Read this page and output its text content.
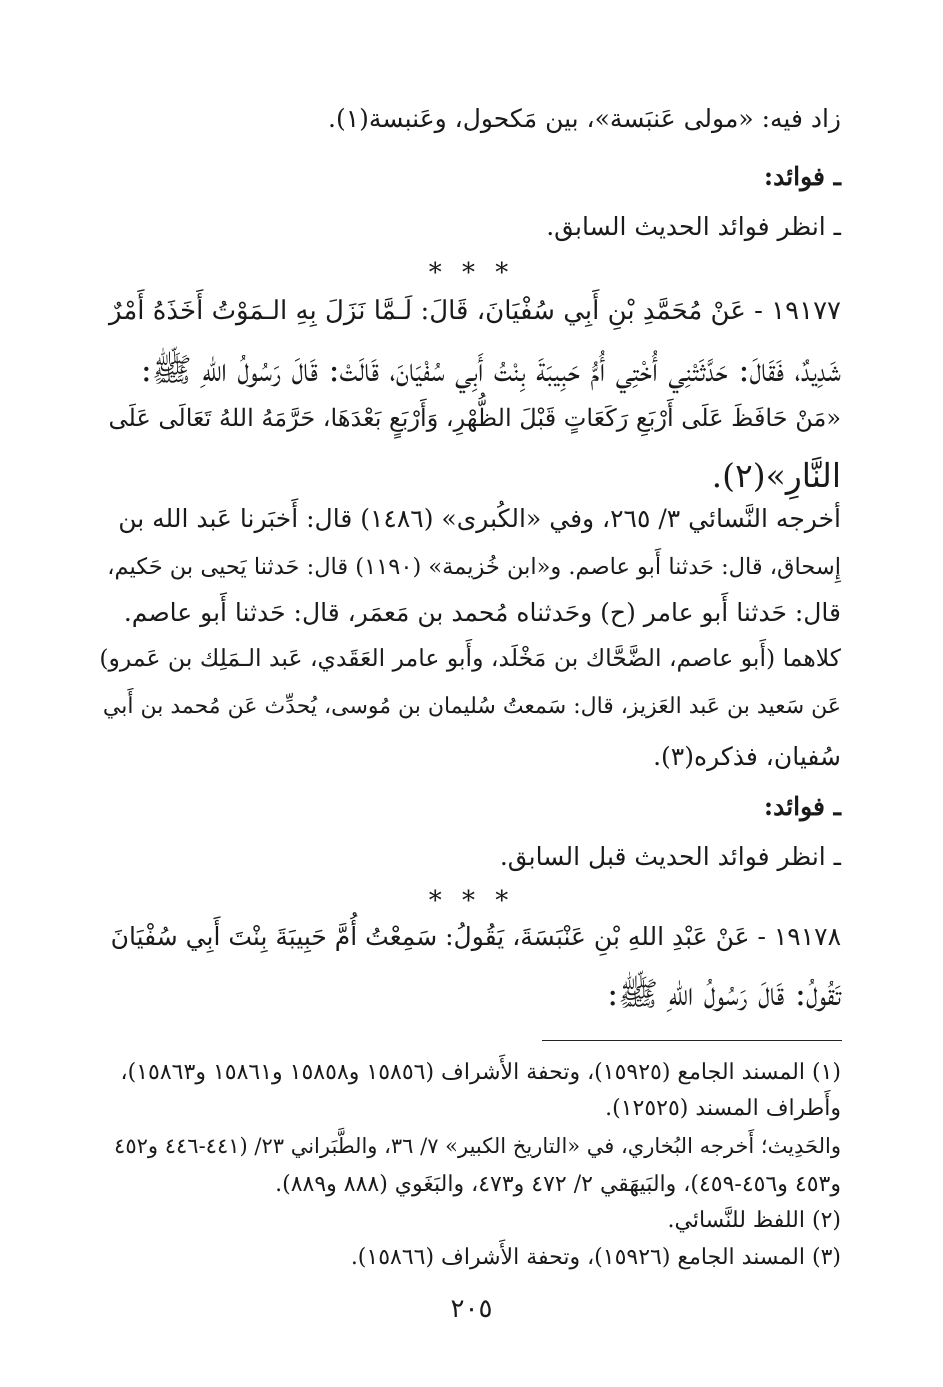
زاد فيه: «مولى عَنبَسة»، بين مَكحول، وعَنبسة(١).

ـ فوائد:

ـ انظر فوائد الحديث السابق.

* * *

١٩١٧٧ - عَنْ مُحَمَّدِ بْنِ أَبِي سُفْيَانَ، قَالَ: لَـمَّا نَزَلَ بِهِ الـمَوْتُ أَخَذَهُ أَمْرٌ

شَدِيدٌ، فَقَالَ: حَدَّثَتْنِي أُخْتِي أُمُّ حَبِيبَةَ بِنْتُ أَبِي سُفْيَانَ، قَالَتْ: قَالَ رَسُولُ اللهِ ﷺ:

«مَنْ حَافَظَ عَلَى أَرْبَعِ رَكَعَاتٍ قَبْلَ الظُّهْرِ، وَأَرْبَعٍ بَعْدَهَا، حَرَّمَهُ اللهُ تَعَالَى عَلَى

النَّارِ»(٢).

أخرجه النَّسائي ٣/ ٢٦٥، وفي «الكُبرى» (١٤٨٦) قال: أَخبَرنا عَبد الله بن

إِسحاق، قال: حَدثنا أَبو عاصم. و«ابن خُزيمة» (١١٩٠) قال: حَدثنا يَحيى بن حَكيم،

قال: حَدثنا أَبو عامر (ح) وحَدثناه مُحمد بن مَعمَر، قال: حَدثنا أَبو عاصم.

كلاهما (أَبو عاصم، الضَّحَّاك بن مَخْلَد، وأَبو عامر العَقَدي، عَبد الـمَلِك بن عَمرو)

عَن سَعيد بن عَبد العَزيز، قال: سَمعتُ سُليمان بن مُوسى، يُحدِّث عَن مُحمد بن أَبي

سُفيان، فذكره(٣).

ـ فوائد:

ـ انظر فوائد الحديث قبل السابق.

* * *

١٩١٧٨ - عَنْ عَبْدِ اللهِ بْنِ عَنْبَسَةَ، يَقُولُ: سَمِعْتُ أُمَّ حَبِيبَةَ بِنْتَ أَبِي سُفْيَانَ

تَقُولُ: قَالَ رَسُولُ اللهِ ﷺ:

(١) المسند الجامع (١٥٩٢٥)، وتحفة الأَشراف (١٥٨٥٦ و١٥٨٥٨ و١٥٨٦١ و١٥٨٦٣)،

وأَطراف المسند (١٢٥٢٥).

والحَدِيث؛ أَخرجه البُخاري، في «التاريخ الكبير» ٧/ ٣٦، والطَّبَراني ٢٣/ (٤٤١-٤٤٦ و٤٥٢

و٤٥٣ و٤٥٦-٤٥٩)، والبَيهَقي ٢/ ٤٧٢ و٤٧٣، والبَغَوي (٨٨٨ و٨٨٩).

(٢) اللفظ للنَّسائي.

(٣) المسند الجامع (١٥٩٢٦)، وتحفة الأَشراف (١٥٨٦٦).

٢٠٥
